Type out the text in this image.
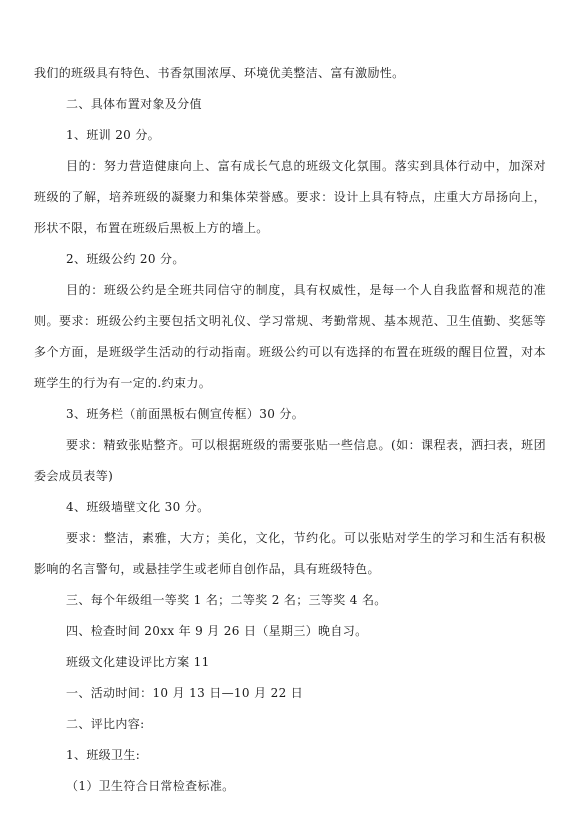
我们的班级具有特色、书香氛围浓厚、环境优美整洁、富有激励性。

二、具体布置对象及分值

1、班训 20 分。

目的：努力营造健康向上、富有成长气息的班级文化氛围。落实到具体行动中，加深对班级的了解，培养班级的凝聚力和集体荣誉感。要求：设计上具有特点，庄重大方昂扬向上，形状不限，布置在班级后黑板上方的墙上。

2、班级公约 20 分。

目的：班级公约是全班共同信守的制度，具有权威性，是每一个人自我监督和规范的准则。要求：班级公约主要包括文明礼仪、学习常规、考勤常规、基本规范、卫生值勤、奖惩等多个方面，是班级学生活动的行动指南。班级公约可以有选择的布置在班级的醒目位置，对本班学生的行为有一定的.约束力。

3、班务栏（前面黑板右侧宣传框）30 分。

要求：精致张贴整齐。可以根据班级的需要张贴一些信息。(如：课程表，洒扫表，班团委会成员表等)

4、班级墙壁文化 30 分。

要求：整洁，素雅，大方；美化，文化，节约化。可以张贴对学生的学习和生活有积极影响的名言警句，或悬挂学生或老师自创作品，具有班级特色。

三、每个年级组一等奖 1 名；二等奖 2 名；三等奖 4 名。

四、检查时间 20xx 年 9 月 26 日（星期三）晚自习。

班级文化建设评比方案 11

一、活动时间：10 月 13 日—10 月 22 日

二、评比内容:

1、班级卫生:

（1）卫生符合日常检查标准。
